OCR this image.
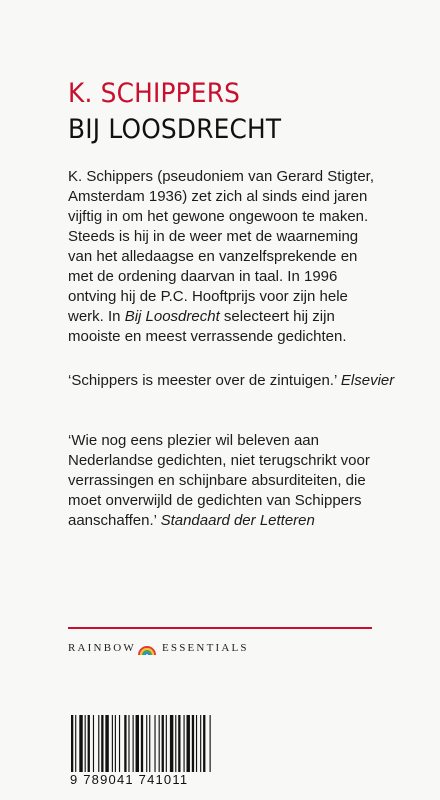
K. SCHIPPERS
BIJ LOOSDRECHT
K. Schippers (pseudoniem van Gerard Stigter,
Amsterdam 1936) zet zich al sinds eind jaren
vijftig in om het gewone ongewoon te maken.
Steeds is hij in de weer met de waarneming
van het alledaagse en vanzelfsprekende en
met de ordening daarvan in taal. In 1996
ontving hij de P.C. Hooftprijs voor zijn hele
werk. In Bij Loosdrecht selecteert hij zijn
mooiste en meest verrassende gedichten.
‘Schippers is meester over de zintuigen.’ Elsevier
‘Wie nog eens plezier wil beleven aan
Nederlandse gedichten, niet terugschrikt voor
verrassingen en schijnbare absurditeiten, die
moet onverwijld de gedichten van Schippers
aanschaffen.’ Standaard der Letteren
RAINBOW ESSENTIALS
9 789041 741011
